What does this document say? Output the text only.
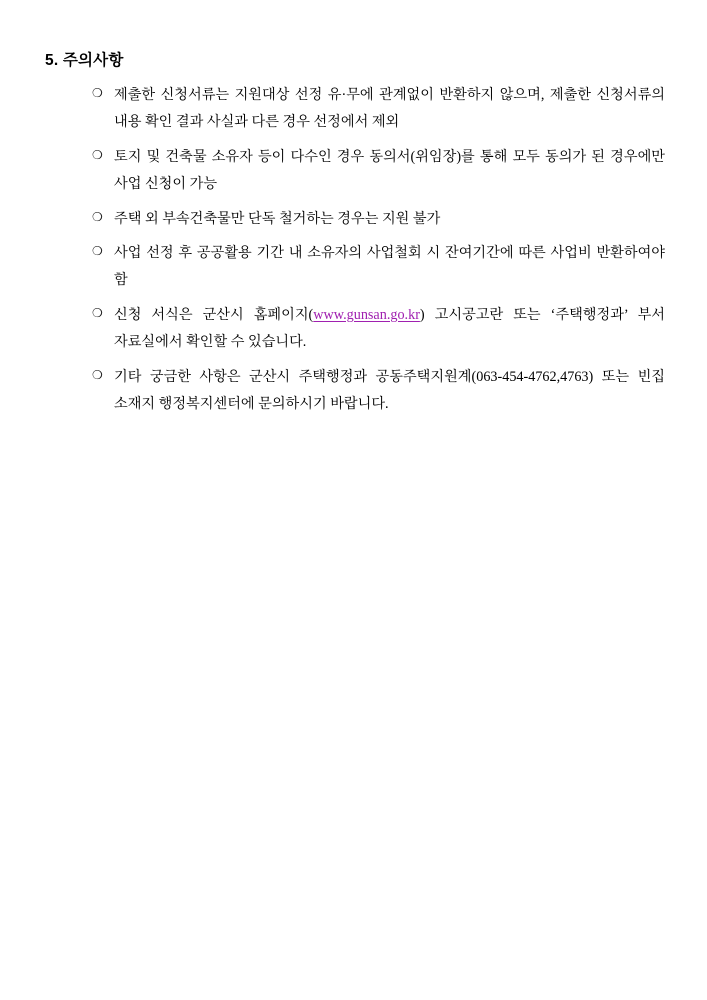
5. 주의사항
❍ 제출한 신청서류는 지원대상 선정 유·무에 관계없이 반환하지 않으며, 제출한 신청서류의 내용 확인 결과 사실과 다른 경우 선정에서 제외
❍ 토지 및 건축물 소유자 등이 다수인 경우 동의서(위임장)를 통해 모두 동의가 된 경우에만 사업 신청이 가능
❍ 주택 외 부속건축물만 단독 철거하는 경우는 지원 불가
❍ 사업 선정 후 공공활용 기간 내 소유자의 사업철회 시 잔여기간에 따른 사업비 반환하여야 함
❍ 신청 서식은 군산시 홈페이지(www.gunsan.go.kr) 고시공고란 또는 ‘주택행정과’ 부서 자료실에서 확인할 수 있습니다.
❍ 기타 궁금한 사항은 군산시 주택행정과 공동주택지원계(063-454-4762,4763) 또는 빈집 소재지 행정복지센터에 문의하시기 바랍니다.
